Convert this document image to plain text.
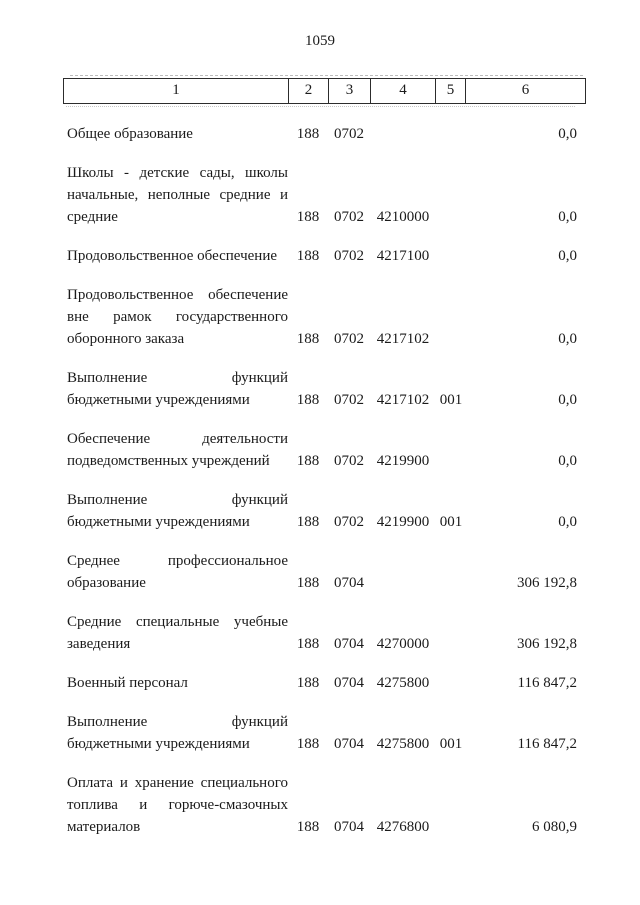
1059
1	2	3	4	5	6
Общее образование	188 0702	0,0
Школы - детские сады, школы
начальные, неполные средние и
средние	188 0702 4210000	0,0
Продовольственное обеспечение	188 0702 4217100	0,0
Продовольственное обеспечение
вне рамок государственного
оборонного заказа	188 0702 4217102	0,0
Выполнение функций
бюджетными учреждениями	188 0702 4217102 001	0,0
Обеспечение деятельности
подведомственных учреждений	188 0702 4219900	0,0
Выполнение функций
бюджетными учреждениями	188 0702 4219900 001	0,0
Среднее профессиональное
образование	188 0704	306 192,8
Средние специальные учебные
заведения	188 0704 4270000	306 192,8
Военный персонал	188 0704 4275800	116 847,2
Выполнение функций
бюджетными учреждениями	188 0704 4275800 001	116 847,2
Оплата и хранение специального
топлива и горюче-смазочных
материалов	188 0704 4276800	6 080,9
